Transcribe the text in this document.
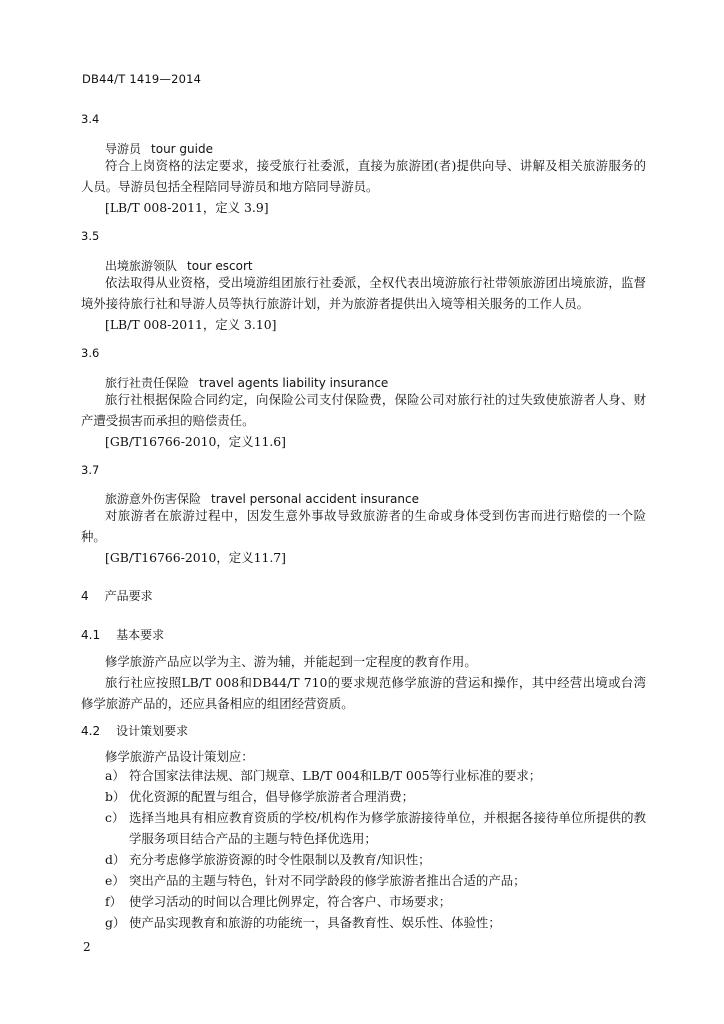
DB44/T 1419—2014
3.4
导游员 tour guide
符合上岗资格的法定要求，接受旅行社委派，直接为旅游团(者)提供向导、讲解及相关旅游服务的人员。导游员包括全程陪同导游员和地方陪同导游员。
[LB/T 008-2011，定义 3.9]
3.5
出境旅游领队 tour escort
依法取得从业资格，受出境游组团旅行社委派，全权代表出境游旅行社带领旅游团出境旅游，监督境外接待旅行社和导游人员等执行旅游计划，并为旅游者提供出入境等相关服务的工作人员。
[LB/T 008-2011，定义 3.10]
3.6
旅行社责任保险 travel agents liability insurance
旅行社根据保险合同约定，向保险公司支付保险费，保险公司对旅行社的过失致使旅游者人身、财产遭受损害而承担的赔偿责任。
[GB/T16766-2010，定义11.6]
3.7
旅游意外伤害保险 travel personal accident insurance
对旅游者在旅游过程中，因发生意外事故导致旅游者的生命或身体受到伤害而进行赔偿的一个险种。
[GB/T16766-2010，定义11.7]
4 产品要求
4.1 基本要求
修学旅游产品应以学为主、游为辅，并能起到一定程度的教育作用。
旅行社应按照LB/T 008和DB44/T 710的要求规范修学旅游的营运和操作，其中经营出境或台湾修学旅游产品的，还应具备相应的组团经营资质。
4.2 设计策划要求
修学旅游产品设计策划应：
a） 符合国家法律法规、部门规章、LB/T 004和LB/T 005等行业标准的要求；
b） 优化资源的配置与组合，倡导修学旅游者合理消费；
c） 选择当地具有相应教育资质的学校/机构作为修学旅游接待单位，并根据各接待单位所提供的教学服务项目结合产品的主题与特色择优选用；
d） 充分考虑修学旅游资源的时令性限制以及教育/知识性；
e） 突出产品的主题与特色，针对不同学龄段的修学旅游者推出合适的产品；
f） 使学习活动的时间以合理比例界定，符合客户、市场要求；
g） 使产品实现教育和旅游的功能统一，具备教育性、娱乐性、体验性；
2
